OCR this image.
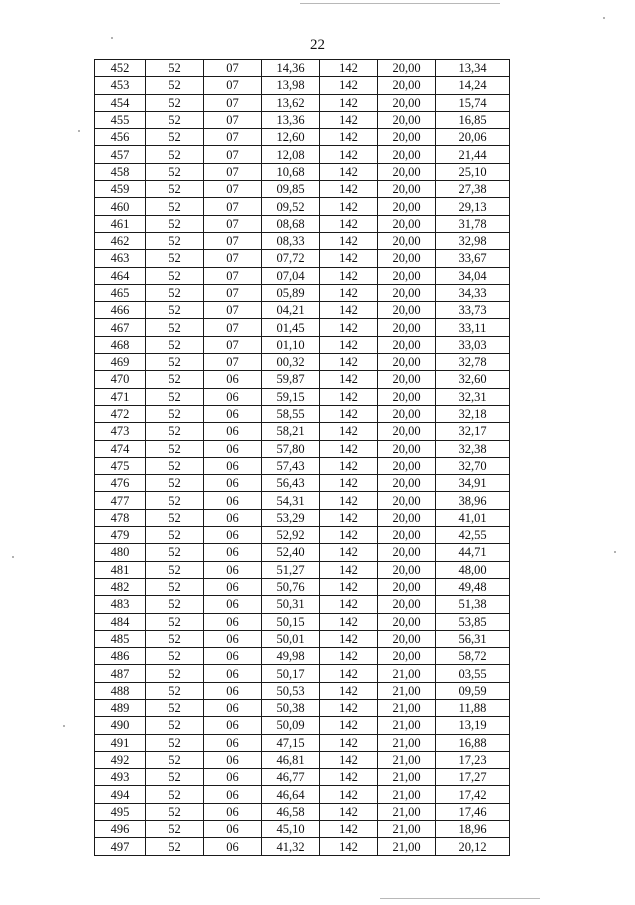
22
452	52	07	14,36	142	20,00	13,34
453	52	07	13,98	142	20,00	14,24
454	52	07	13,62	142	20,00	15,74
455	52	07	13,36	142	20,00	16,85
456	52	07	12,60	142	20,00	20,06
457	52	07	12,08	142	20,00	21,44
458	52	07	10,68	142	20,00	25,10
459	52	07	09,85	142	20,00	27,38
460	52	07	09,52	142	20,00	29,13
461	52	07	08,68	142	20,00	31,78
462	52	07	08,33	142	20,00	32,98
463	52	07	07,72	142	20,00	33,67
464	52	07	07,04	142	20,00	34,04
465	52	07	05,89	142	20,00	34,33
466	52	07	04,21	142	20,00	33,73
467	52	07	01,45	142	20,00	33,11
468	52	07	01,10	142	20,00	33,03
469	52	07	00,32	142	20,00	32,78
470	52	06	59,87	142	20,00	32,60
471	52	06	59,15	142	20,00	32,31
472	52	06	58,55	142	20,00	32,18
473	52	06	58,21	142	20,00	32,17
474	52	06	57,80	142	20,00	32,38
475	52	06	57,43	142	20,00	32,70
476	52	06	56,43	142	20,00	34,91
477	52	06	54,31	142	20,00	38,96
478	52	06	53,29	142	20,00	41,01
479	52	06	52,92	142	20,00	42,55
480	52	06	52,40	142	20,00	44,71
481	52	06	51,27	142	20,00	48,00
482	52	06	50,76	142	20,00	49,48
483	52	06	50,31	142	20,00	51,38
484	52	06	50,15	142	20,00	53,85
485	52	06	50,01	142	20,00	56,31
486	52	06	49,98	142	20,00	58,72
487	52	06	50,17	142	21,00	03,55
488	52	06	50,53	142	21,00	09,59
489	52	06	50,38	142	21,00	11,88
490	52	06	50,09	142	21,00	13,19
491	52	06	47,15	142	21,00	16,88
492	52	06	46,81	142	21,00	17,23
493	52	06	46,77	142	21,00	17,27
494	52	06	46,64	142	21,00	17,42
495	52	06	46,58	142	21,00	17,46
496	52	06	45,10	142	21,00	18,96
497	52	06	41,32	142	21,00	20,12
